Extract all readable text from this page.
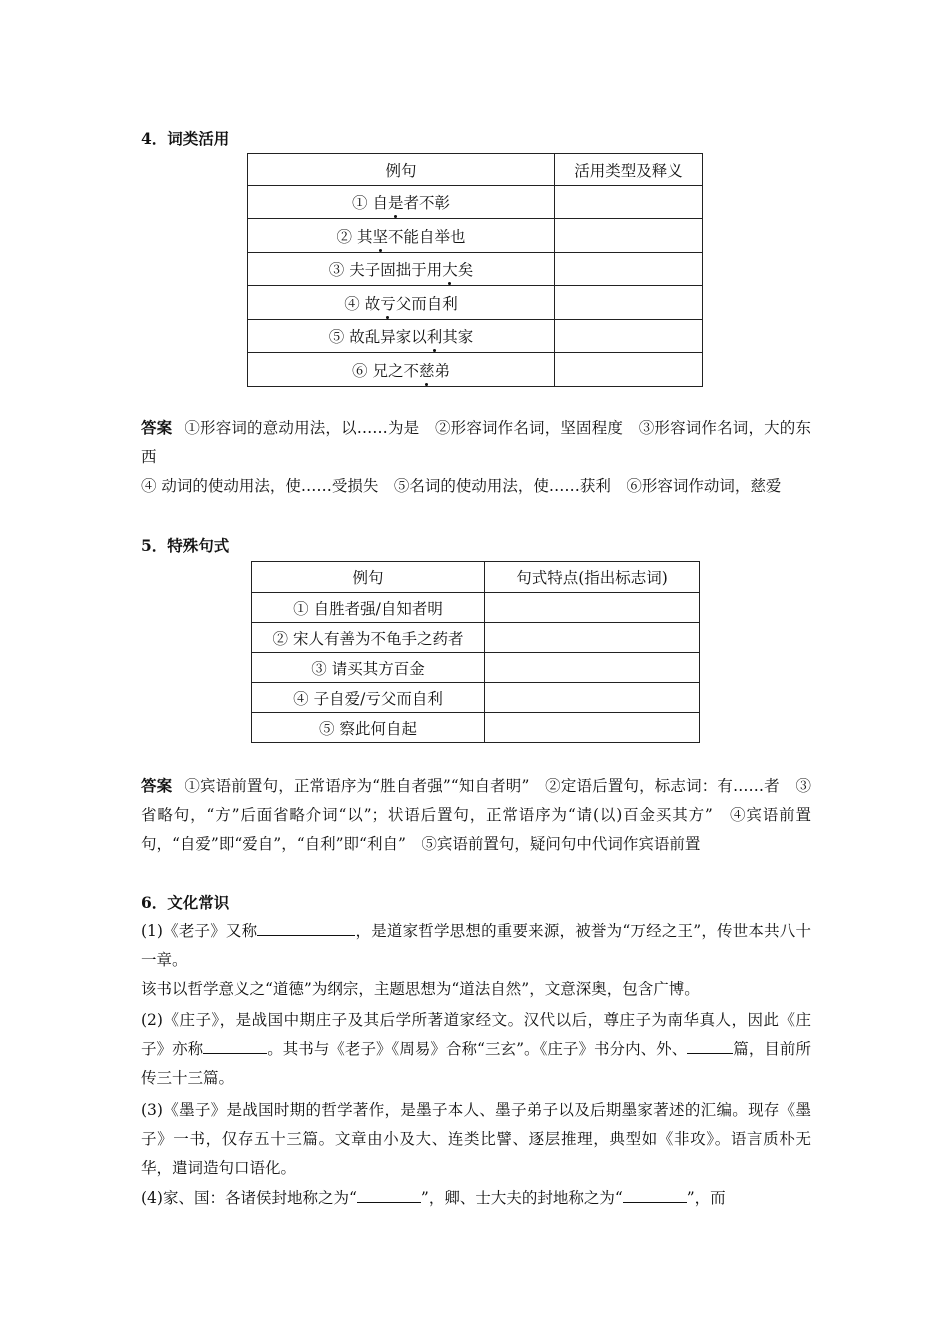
4．词类活用
例句	活用类型及释义
① 自是者不彰	
② 其坚不能自举也	
③ 夫子固拙于用大矣	
④ 故亏父而自利	
⑤ 故乱异家以利其家	
⑥ 兄之不慈弟	
答案 ①形容词的意动用法，以……为是　②形容词作名词，坚固程度　③形容词作名词，大的东西
④ 动词的使动用法，使……受损失　⑤名词的使动用法，使……获利　⑥形容词作动词，慈爱
5．特殊句式
例句	句式特点(指出标志词)
① 自胜者强/自知者明	
② 宋人有善为不龟手之药者	
③ 请买其方百金	
④ 子自爱/亏父而自利	
⑤ 察此何自起	
答案 ①宾语前置句，正常语序为“胜自者强”“知自者明”　②定语后置句，标志词：有……者　③省略句，“方”后面省略介词“以”；状语后置句，正常语序为“请(以)百金买其方”　④宾语前置句，“自爱”即“爱自”，“自利”即“利自”　⑤宾语前置句，疑问句中代词作宾语前置
6．文化常识
(1)《老子》又称	，是道家哲学思想的重要来源，被誉为“万经之王”，传世本共八十一章。
该书以哲学意义之“道德”为纲宗，主题思想为“道法自然”，文意深奥，包含广博。
(2)《庄子》，是战国中期庄子及其后学所著道家经文。汉代以后，尊庄子为南华真人，因此《庄子》亦称	。其书与《老子》《周易》合称“三玄”。《庄子》书分内、外、	篇，目前所传三十三篇。
(3)《墨子》是战国时期的哲学著作，是墨子本人、墨子弟子以及后期墨家著述的汇编。现存《墨子》一书，仅存五十三篇。文章由小及大、连类比譬、逐层推理，典型如《非攻》。语言质朴无华，遣词造句口语化。
(4)家、国：各诸侯封地称之为“	”，卿、士大夫的封地称之为“	”，而
